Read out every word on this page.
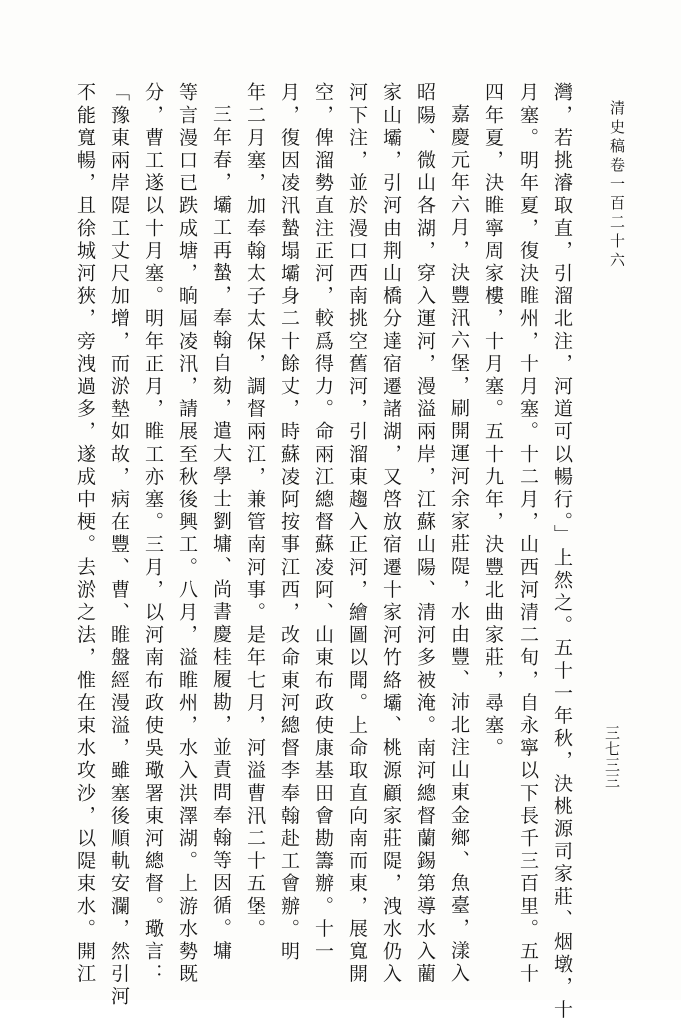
清史稿卷一百二十六
三七三三
灣，若挑濬取直，引溜北注，河道可以暢行。」上然之。五十一年秋，決桃源司家莊、烟墩，十
月塞。明年夏，復決睢州，十月塞。十二月，山西河清二旬，自永寧以下長千三百里。五十
四年夏，決睢寧周家樓，十月塞。五十九年，決豐北曲家莊，尋塞。
嘉慶元年六月，決豐汛六堡，刷開運河余家莊隄，水由豐、沛北注山東金鄉、魚臺，漾入
昭陽、微山各湖，穿入運河，漫溢兩岸，江蘇山陽、清河多被淹。南河總督蘭錫第導水入藺
家山壩，引河由荆山橋分達宿遷諸湖，又啓放宿遷十家河竹絡壩、桃源顧家莊隄，洩水仍入
河下注，並於漫口西南挑空舊河，引溜東趨入正河，繪圖以聞。上命取直向南而東，展寬開
空，俾溜勢直注正河，較爲得力。命兩江總督蘇凌阿、山東布政使康基田會勘籌辦。十一
月，復因凌汛蟄塌壩身二十餘丈，時蘇凌阿按事江西，改命東河總督李奉翰赴工會辦。明
年二月塞，加奉翰太子太保，調督兩江，兼管南河事。是年七月，河溢曹汛二十五堡。
三年春，壩工再蟄，奉翰自劾，遣大學士劉墉、尚書慶桂履勘，並責問奉翰等因循。墉
等言漫口已跌成塘，晌屆凌汛，請展至秋後興工。八月，溢睢州，水入洪澤湖。上游水勢既
分，曹工遂以十月塞。明年正月，睢工亦塞。三月，以河南布政使吳璥署東河總督。璥言：
「豫東兩岸隄工丈尺加增，而淤墊如故，病在豐、曹、睢盤經漫溢，雖塞後順軌安瀾，然引河
不能寬暢，且徐城河狹，旁洩過多，遂成中梗。去淤之法，惟在束水攻沙，以隄束水。開江
